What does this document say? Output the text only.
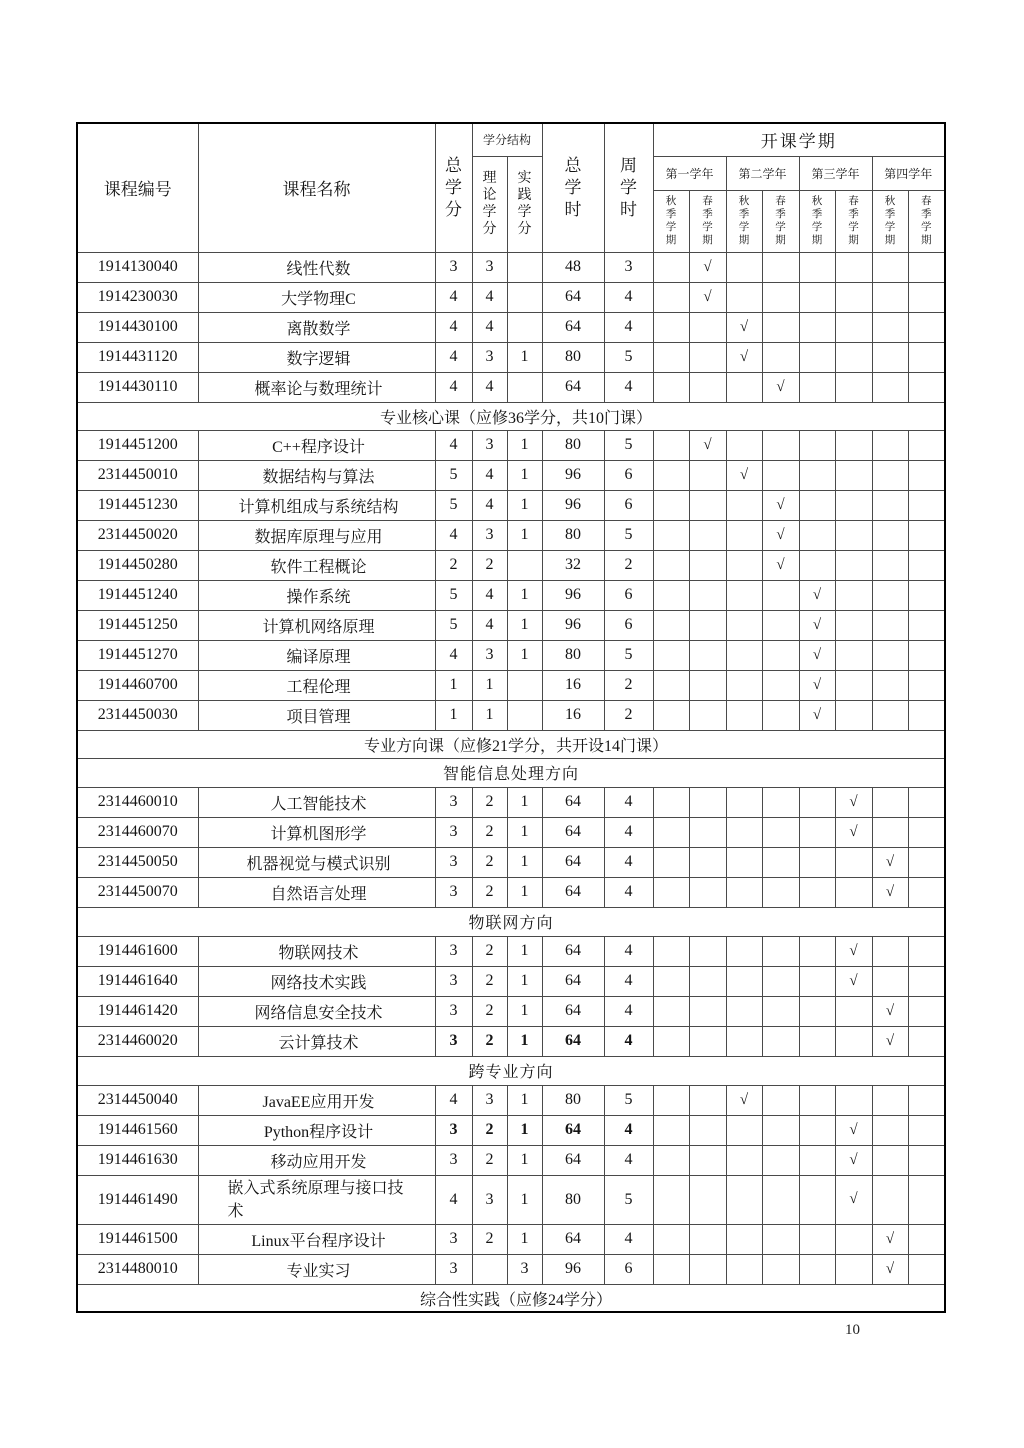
课程编号	课程名称	总
学
分	学分结构		总
学
时	周
学
时	开课学期							
			理
论
学
分	实
践
学
分			第一学年		第二学年		第三学年		第四学年	
							秋
季
学
期	春
季
学
期	秋
季
学
期	春
季
学
期	秋
季
学
期	春
季
学
期	秋
季
学
期	春
季
学
期
1914130040	线性代数	3	3		48	3		√						
1914230030	大学物理C	4	4		64	4		√						
1914430100	离散数学	4	4		64	4			√					
1914431120	数字逻辑	4	3	1	80	5			√					
1914430110	概率论与数理统计	4	4		64	4				√				
专业核心课（应修36学分，共10门课）														
1914451200	C++程序设计	4	3	1	80	5		√						
2314450010	数据结构与算法	5	4	1	96	6			√					
1914451230	计算机组成与系统结构	5	4	1	96	6				√				
2314450020	数据库原理与应用	4	3	1	80	5				√				
1914450280	软件工程概论	2	2		32	2				√				
1914451240	操作系统	5	4	1	96	6					√			
1914451250	计算机网络原理	5	4	1	96	6					√			
1914451270	编译原理	4	3	1	80	5					√			
1914460700	工程伦理	1	1		16	2					√			
2314450030	项目管理	1	1		16	2					√			
专业方向课（应修21学分，共开设14门课）														
智能信息处理方向														
2314460010	人工智能技术	3	2	1	64	4						√		
2314460070	计算机图形学	3	2	1	64	4						√		
2314450050	机器视觉与模式识别	3	2	1	64	4							√	
2314450070	自然语言处理	3	2	1	64	4							√	
物联网方向														
1914461600	物联网技术	3	2	1	64	4						√		
1914461640	网络技术实践	3	2	1	64	4						√		
1914461420	网络信息安全技术	3	2	1	64	4							√	
2314460020	云计算技术	3	2	1	64	4							√	
跨专业方向														
2314450040	JavaEE应用开发	4	3	1	80	5			√					
1914461560	Python程序设计	3	2	1	64	4						√		
1914461630	移动应用开发	3	2	1	64	4						√		
1914461490	嵌入式系统原理与接口技术	4	3	1	80	5						√		
1914461500	Linux平台程序设计	3	2	1	64	4							√	
2314480010	专业实习	3		3	96	6							√	
综合性实践（应修24学分）														
10
